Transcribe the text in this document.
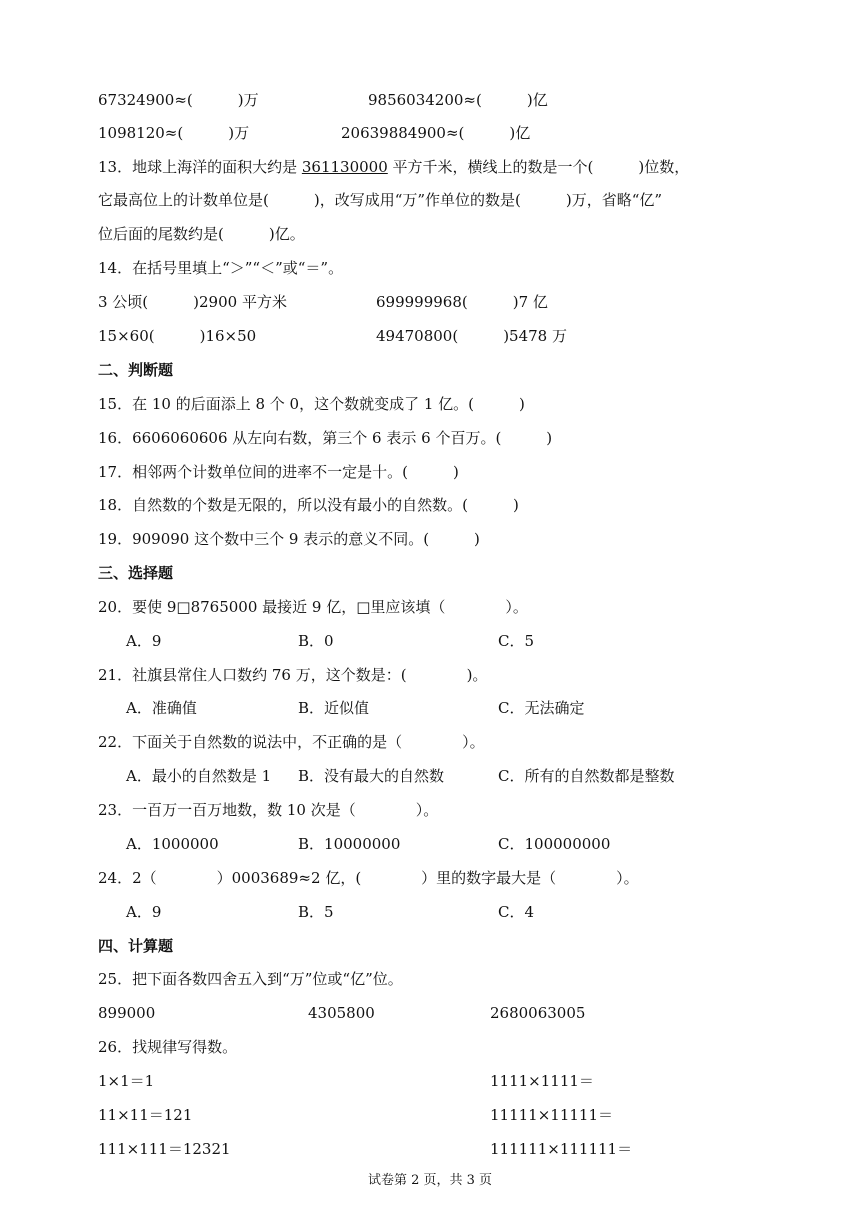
67324900≈(　　　)万	9856034200≈(　　　)亿
1098120≈(　　　)万	20639884900≈(　　　)亿
13．地球上海洋的面积大约是 361130000 平方千米，横线上的数是一个(　　　)位数，
它最高位上的计数单位是(　　　)，改写成用“万”作单位的数是(　　　)万，省略“亿”
位后面的尾数约是(　　　)亿。
14．在括号里填上“＞”“＜”或“＝”。
3 公顷(　　　)2900 平方米	699999968(　　　)7 亿
15×60(　　　)16×50	49470800(　　　)5478 万
二、判断题
15．在 10 的后面添上 8 个 0，这个数就变成了 1 亿。(　　　)
16．6606060606 从左向右数，第三个 6 表示 6 个百万。(　　　)
17．相邻两个计数单位间的进率不一定是十。(　　　)
18．自然数的个数是无限的，所以没有最小的自然数。(　　　)
19．909090 这个数中三个 9 表示的意义不同。(　　　)
三、选择题
20．要使 9□8765000 最接近 9 亿，□里应该填（　　　　）。
A．9	B．0	C．5
21．社旗县常住人口数约 76 万，这个数是：(　　　　)。
A．准确值	B．近似值	C．无法确定
22．下面关于自然数的说法中，不正确的是（　　　　）。
A．最小的自然数是 1 B．没有最大的自然数	C．所有的自然数都是整数
23．一百万一百万地数，数 10 次是（　　　　）。
A．1000000	B．10000000	C．100000000
24．2（　　　　）0003689≈2 亿，(　　　　）里的数字最大是（　　　　）。
A．9	B．5	C．4
四、计算题
25．把下面各数四舍五入到“万”位或“亿”位。
899000	4305800	2680063005
26．找规律写得数。
1×1＝1	1111×1111＝
11×11＝121	11111×11111＝
111×111＝12321	111111×111111＝
试卷第 2 页，共 3 页
